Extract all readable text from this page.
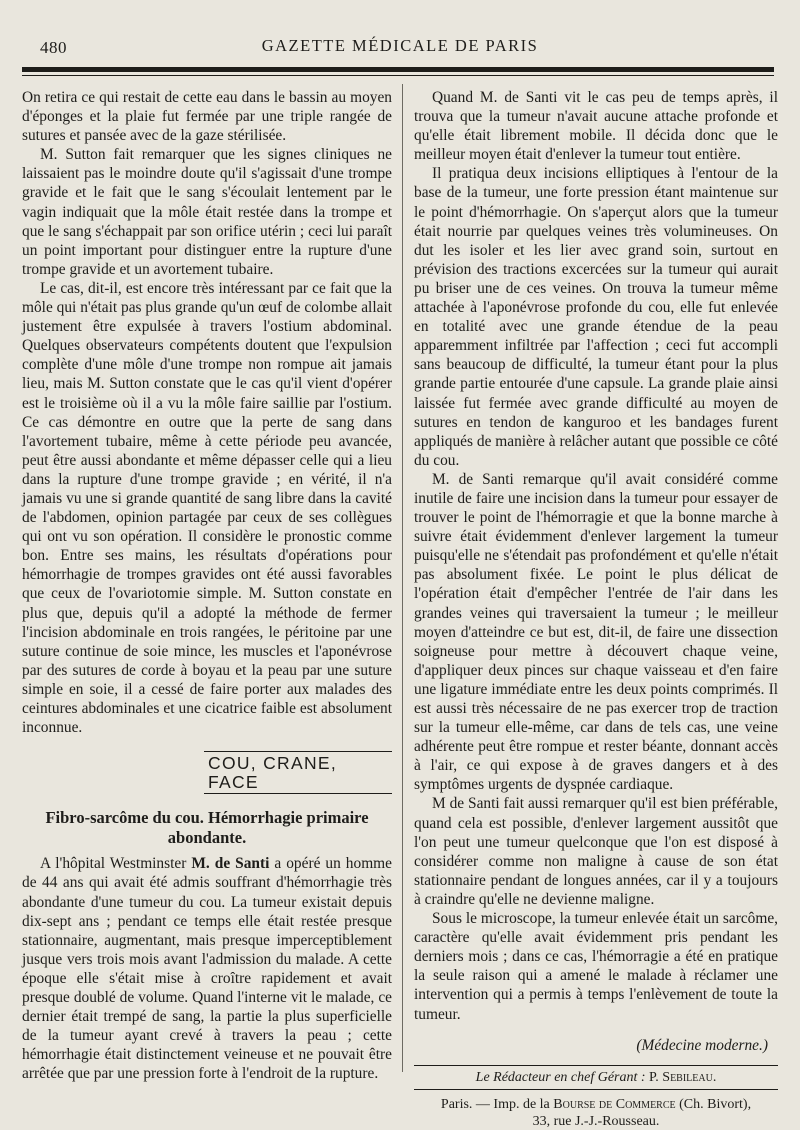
480	GAZETTE MÉDICALE DE PARIS

On retira ce qui restait de cette eau dans le bassin au moyen d'éponges et la plaie fut fermée par une triple rangée de sutures et pansée avec de la gaze stérilisée.

M. Sutton fait remarquer que les signes cliniques ne laissaient pas le moindre doute qu'il s'agissait d'une trompe gravide et le fait que le sang s'écoulait lentement par le vagin indiquait que la môle était restée dans la trompe et que le sang s'échappait par son orifice utérin ; ceci lui paraît un point important pour distinguer entre la rupture d'une trompe gravide et un avortement tubaire.

Le cas, dit-il, est encore très intéressant par ce fait que la môle qui n'était pas plus grande qu'un œuf de colombe allait justement être expulsée à travers l'ostium abdominal. Quelques observateurs compétents doutent que l'expulsion complète d'une môle d'une trompe non rompue ait jamais lieu, mais M. Sutton constate que le cas qu'il vient d'opérer est le troisième où il a vu la môle faire saillie par l'ostium. Ce cas démontre en outre que la perte de sang dans l'avortement tubaire, même à cette période peu avancée, peut être aussi abondante et même dépasser celle qui a lieu dans la rupture d'une trompe gravide ; en vérité, il n'a jamais vu une si grande quantité de sang libre dans la cavité de l'abdomen, opinion partagée par ceux de ses collègues qui ont vu son opération. Il considère le pronostic comme bon. Entre ses mains, les résultats d'opérations pour hémorrhagie de trompes gravides ont été aussi favorables que ceux de l'ovariotomie simple. M. Sutton constate en plus que, depuis qu'il a adopté la méthode de fermer l'incision abdominale en trois rangées, le péritoine par une suture continue de soie mince, les muscles et l'aponévrose par des sutures de corde à boyau et la peau par une suture simple en soie, il a cessé de faire porter aux malades des ceintures abdominales et une cicatrice faible est absolument inconnue.

COU, CRANE, FACE
Fibro-sarcôme du cou. Hémorrhagie primaire abondante.

A l'hôpital Westminster M. de Santi a opéré un homme de 44 ans qui avait été admis souffrant d'hémorrhagie très abondante d'une tumeur du cou. La tumeur existait depuis dix-sept ans ; pendant ce temps elle était restée presque stationnaire, augmentant, mais presque imperceptiblement jusque vers trois mois avant l'admission du malade. A cette époque elle s'était mise à croître rapidement et avait presque doublé de volume. Quand l'interne vit le malade, ce dernier était trempé de sang, la partie la plus superficielle de la tumeur ayant crevé à travers la peau ; cette hémorrhagie était distinctement veineuse et ne pouvait être arrêtée que par une pression forte à l'endroit de la rupture.

Quand M. de Santi vit le cas peu de temps après, il trouva que la tumeur n'avait aucune attache profonde et qu'elle était librement mobile. Il décida donc que le meilleur moyen était d'enlever la tumeur tout entière.

Il pratiqua deux incisions elliptiques à l'entour de la base de la tumeur, une forte pression étant maintenue sur le point d'hémorrhagie. On s'aperçut alors que la tumeur était nourrie par quelques veines très volumineuses. On dut les isoler et les lier avec grand soin, surtout en prévision des tractions excercées sur la tumeur qui aurait pu briser une de ces veines. On trouva la tumeur même attachée à l'aponévrose profonde du cou, elle fut enlevée en totalité avec une grande étendue de la peau apparemment infiltrée par l'affection ; ceci fut accompli sans beaucoup de difficulté, la tumeur étant pour la plus grande partie entourée d'une capsule. La grande plaie ainsi laissée fut fermée avec grande difficulté au moyen de sutures en tendon de kanguroo et les bandages furent appliqués de manière à relâcher autant que possible ce côté du cou.

M. de Santi remarque qu'il avait considéré comme inutile de faire une incision dans la tumeur pour essayer de trouver le point de l'hémorragie et que la bonne marche à suivre était évidemment d'enlever largement la tumeur puisqu'elle ne s'étendait pas profondément et qu'elle n'était pas absolument fixée. Le point le plus délicat de l'opération était d'empêcher l'entrée de l'air dans les grandes veines qui traversaient la tumeur ; le meilleur moyen d'atteindre ce but est, dit-il, de faire une dissection soigneuse pour mettre à découvert chaque veine, d'appliquer deux pinces sur chaque vaisseau et d'en faire une ligature immédiate entre les deux points comprimés. Il est aussi très nécessaire de ne pas exercer trop de traction sur la tumeur elle-même, car dans de tels cas, une veine adhérente peut être rompue et rester béante, donnant accès à l'air, ce qui expose à de graves dangers et à des symptômes urgents de dyspnée cardiaque.

M de Santi fait aussi remarquer qu'il est bien préférable, quand cela est possible, d'enlever largement aussitôt que l'on peut une tumeur quelconque que l'on est disposé à considérer comme non maligne à cause de son état stationnaire pendant de longues années, car il y a toujours à craindre qu'elle ne devienne maligne.

Sous le microscope, la tumeur enlevée était un sarcôme, caractère qu'elle avait évidemment pris pendant les derniers mois ; dans ce cas, l'hémorragie a été en pratique la seule raison qui a amené le malade à réclamer une intervention qui a permis à temps l'enlèvement de toute la tumeur.

(Médecine moderne.)
Le Rédacteur en chef Gérant : P. Sebileau.
Paris. — Imp. de la Bourse de Commerce (Ch. Bivort),
33, rue J.-J.-Rousseau.
